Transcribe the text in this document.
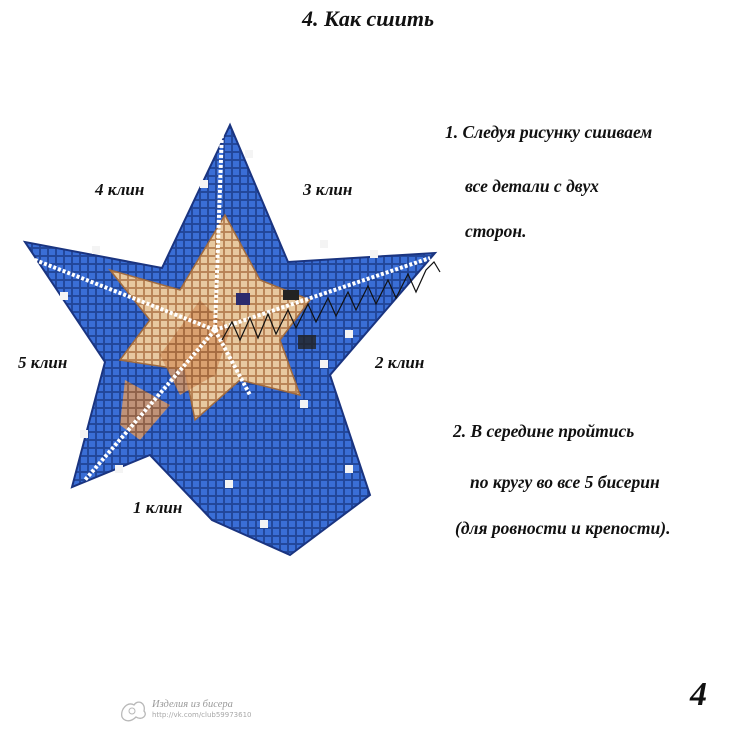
4. Как сшить
4 клин	3 клин
5 клин	2 клин
1 клин
1. Следуя рисунку сшиваем
все детали с двух
сторон.
2. В середине пройтись
по кругу во все 5 бисерин
(для ровности и крепости).
4
Изделия из бисера
http://vk.com/club59973610
